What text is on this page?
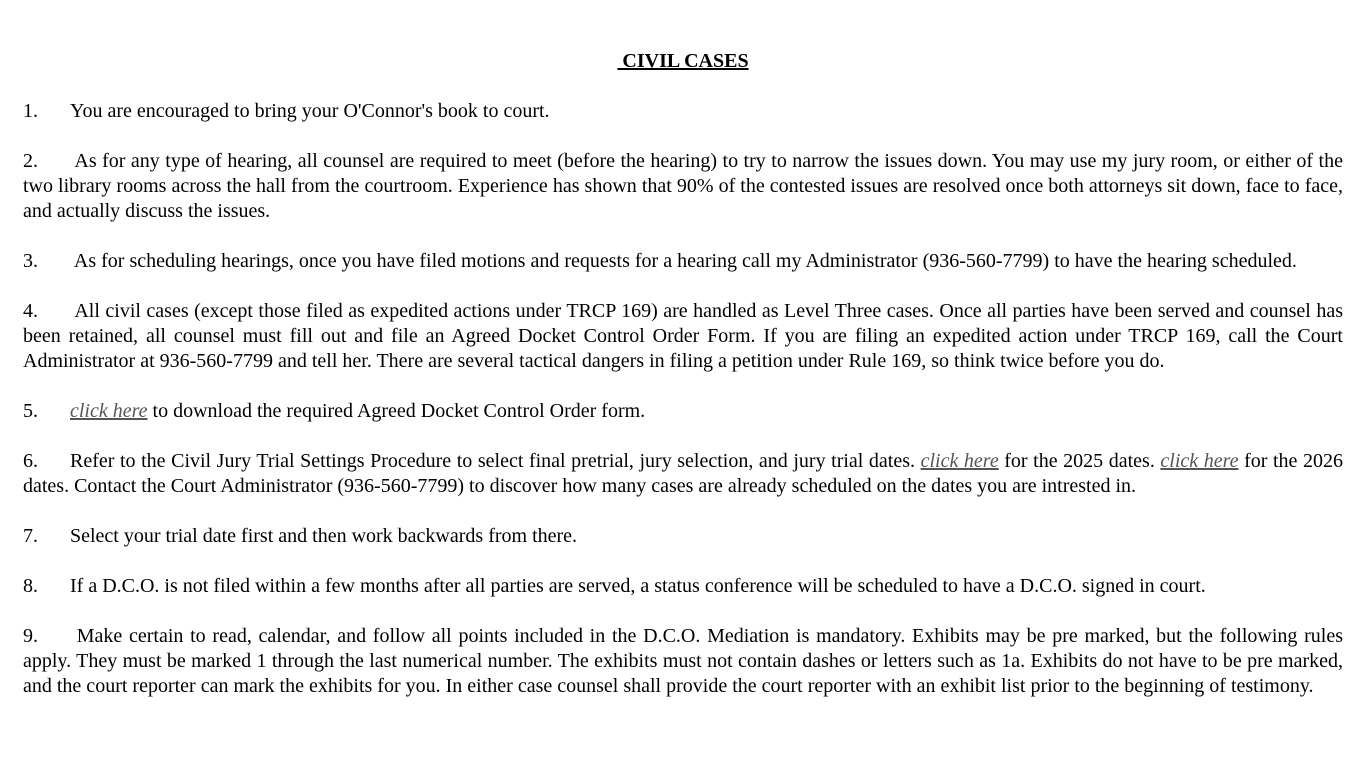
CIVIL CASES

1. You are encouraged to bring your O'Connor's book to court.

2. As for any type of hearing, all counsel are required to meet (before the hearing) to try to narrow the issues down. You may use my jury room, or either of the two library rooms across the hall from the courtroom. Experience has shown that 90% of the contested issues are resolved once both attorneys sit down, face to face, and actually discuss the issues.

3. As for scheduling hearings, once you have filed motions and requests for a hearing call my Administrator (936-560-7799) to have the hearing scheduled.

4. All civil cases (except those filed as expedited actions under TRCP 169) are handled as Level Three cases. Once all parties have been served and counsel has been retained, all counsel must fill out and file an Agreed Docket Control Order Form. If you are filing an expedited action under TRCP 169, call the Court Administrator at 936-560-7799 and tell her. There are several tactical dangers in filing a petition under Rule 169, so think twice before you do.

5. click here to download the required Agreed Docket Control Order form.

6. Refer to the Civil Jury Trial Settings Procedure to select final pretrial, jury selection, and jury trial dates. click here for the 2025 dates. click here for the 2026 dates. Contact the Court Administrator (936-560-7799) to discover how many cases are already scheduled on the dates you are intrested in.

7. Select your trial date first and then work backwards from there.

8. If a D.C.O. is not filed within a few months after all parties are served, a status conference will be scheduled to have a D.C.O. signed in court.

9. Make certain to read, calendar, and follow all points included in the D.C.O. Mediation is mandatory. Exhibits may be pre marked, but the following rules apply. They must be marked 1 through the last numerical number. The exhibits must not contain dashes or letters such as 1a. Exhibits do not have to be pre marked, and the court reporter can mark the exhibits for you. In either case counsel shall provide the court reporter with an exhibit list prior to the beginning of testimony.
